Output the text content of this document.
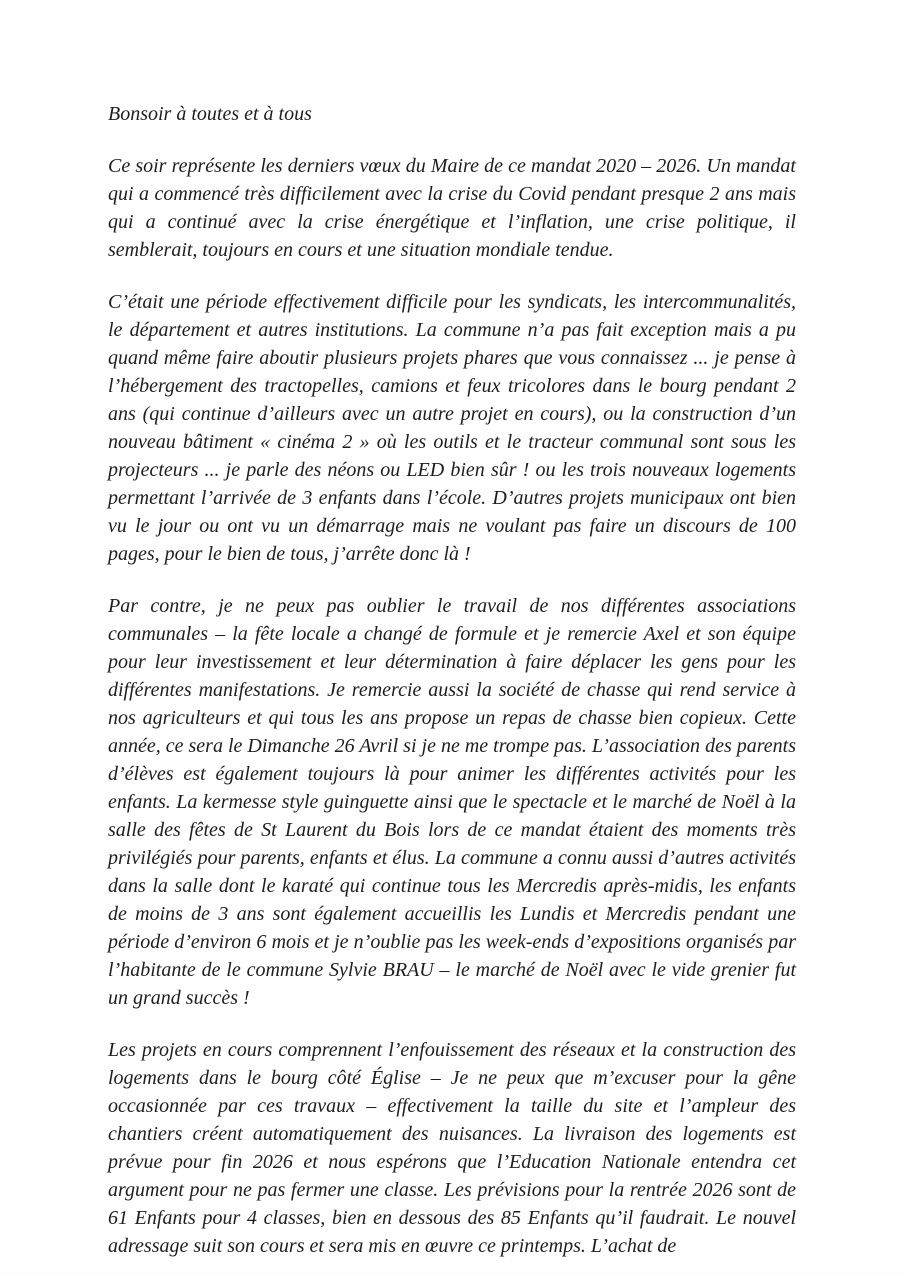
Bonsoir à toutes et à tous

Ce soir représente les derniers vœux du Maire de ce mandat 2020 – 2026. Un mandat qui a commencé très difficilement avec la crise du Covid pendant presque 2 ans mais qui a continué avec la crise énergétique et l’inflation, une crise politique, il semblerait, toujours en cours et une situation mondiale tendue.

C’était une période effectivement difficile pour les syndicats, les intercommunalités, le département et autres institutions. La commune n’a pas fait exception mais a pu quand même faire aboutir plusieurs projets phares que vous connaissez ... je pense à l’hébergement des tractopelles, camions et feux tricolores dans le bourg pendant 2 ans (qui continue d’ailleurs avec un autre projet en cours), ou la construction d’un nouveau bâtiment « cinéma 2 » où les outils et le tracteur communal sont sous les projecteurs ... je parle des néons ou LED bien sûr ! ou les trois nouveaux logements permettant l’arrivée de 3 enfants dans l’école. D’autres projets municipaux ont bien vu le jour ou ont vu un démarrage mais ne voulant pas faire un discours de 100 pages, pour le bien de tous, j’arrête donc là !

Par contre, je ne peux pas oublier le travail de nos différentes associations communales – la fête locale a changé de formule et je remercie Axel et son équipe pour leur investissement et leur détermination à faire déplacer les gens pour les différentes manifestations. Je remercie aussi la société de chasse qui rend service à nos agriculteurs et qui tous les ans propose un repas de chasse bien copieux. Cette année, ce sera le Dimanche 26 Avril si je ne me trompe pas. L’association des parents d’élèves est également toujours là pour animer les différentes activités pour les enfants. La kermesse style guinguette ainsi que le spectacle et le marché de Noël à la salle des fêtes de St Laurent du Bois lors de ce mandat étaient des moments très privilégiés pour parents, enfants et élus. La commune a connu aussi d’autres activités dans la salle dont le karaté qui continue tous les Mercredis après-midis, les enfants de moins de 3 ans sont également accueillis les Lundis et Mercredis pendant une période d’environ 6 mois et je n’oublie pas les week-ends d’expositions organisés par l’habitante de le commune Sylvie BRAU – le marché de Noël avec le vide grenier fut un grand succès !

Les projets en cours comprennent l’enfouissement des réseaux et la construction des logements dans le bourg côté Église – Je ne peux que m’excuser pour la gêne occasionnée par ces travaux – effectivement la taille du site et l’ampleur des chantiers créent automatiquement des nuisances. La livraison des logements est prévue pour fin 2026 et nous espérons que l’Education Nationale entendra cet argument pour ne pas fermer une classe. Les prévisions pour la rentrée 2026 sont de 61 Enfants pour 4 classes, bien en dessous des 85 Enfants qu’il faudrait. Le nouvel adressage suit son cours et sera mis en œuvre ce printemps. L’achat de
